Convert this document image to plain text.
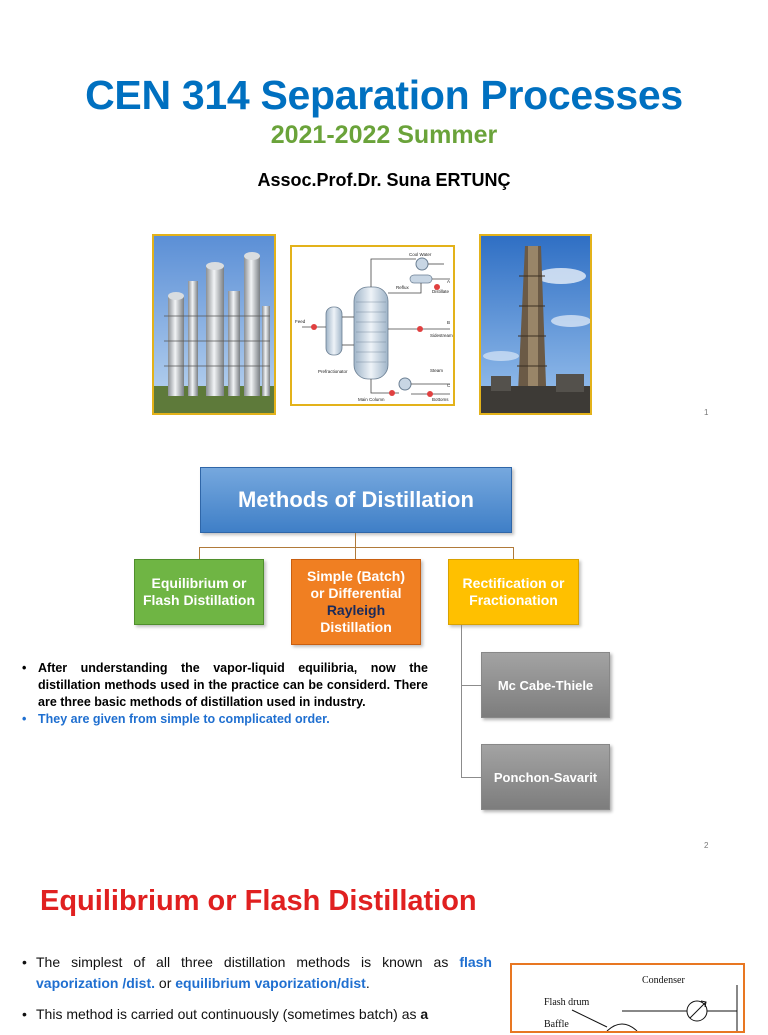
CEN 314 Separation Processes
2021-2022 Summer
Assoc.Prof.Dr. Suna ERTUNÇ
Cool Water
Reflux
Distillate
Feed
Sidestream
Steam
Bottoms
Prefractionator
Main Column
A
B
C
1
Methods of Distillation
Equilibrium or
Flash Distillation
Simple (Batch)
or Differential
Rayleigh
Distillation
Rectification or
Fractionation
Mc Cabe-Thiele
Ponchon-Savarit

• After understanding the vapor-liquid equilibria, now the distillation methods used in the practice can be considerd. There are three basic methods of distillation used in industry.

• They are given from simple to complicated order.

2
Equilibrium or Flash Distillation

• The simplest of all three distillation methods is known as flash vaporization /dist. or equilibrium vaporization/dist.

• This method is carried out continuously (sometimes batch) as a

Condenser
Flash drum
Baffle
